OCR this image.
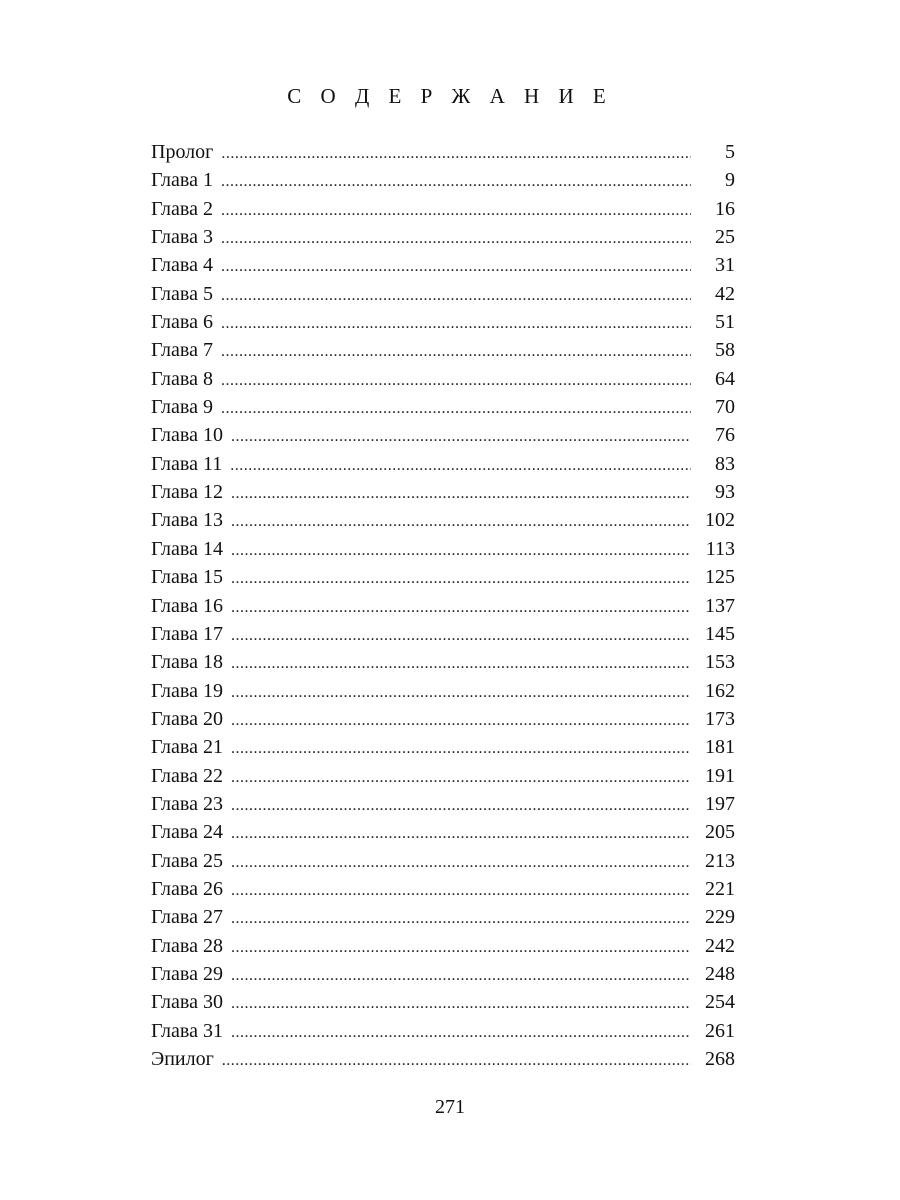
С О Д Е Р Ж А Н И Е
Пролог .....	5
Глава 1 .....	9
Глава 2 .....	16
Глава 3 .....	25
Глава 4 .....	31
Глава 5 .....	42
Глава 6 .....	51
Глава 7 .....	58
Глава 8 .....	64
Глава 9 .....	70
Глава 10 .....	76
Глава 11 .....	83
Глава 12 .....	93
Глава 13 .....	102
Глава 14 .....	113
Глава 15 .....	125
Глава 16 .....	137
Глава 17 .....	145
Глава 18 .....	153
Глава 19 .....	162
Глава 20 .....	173
Глава 21 .....	181
Глава 22 .....	191
Глава 23 .....	197
Глава 24 .....	205
Глава 25 .....	213
Глава 26 .....	221
Глава 27 .....	229
Глава 28 .....	242
Глава 29 .....	248
Глава 30 .....	254
Глава 31 .....	261
Эпилог .....	268
271
